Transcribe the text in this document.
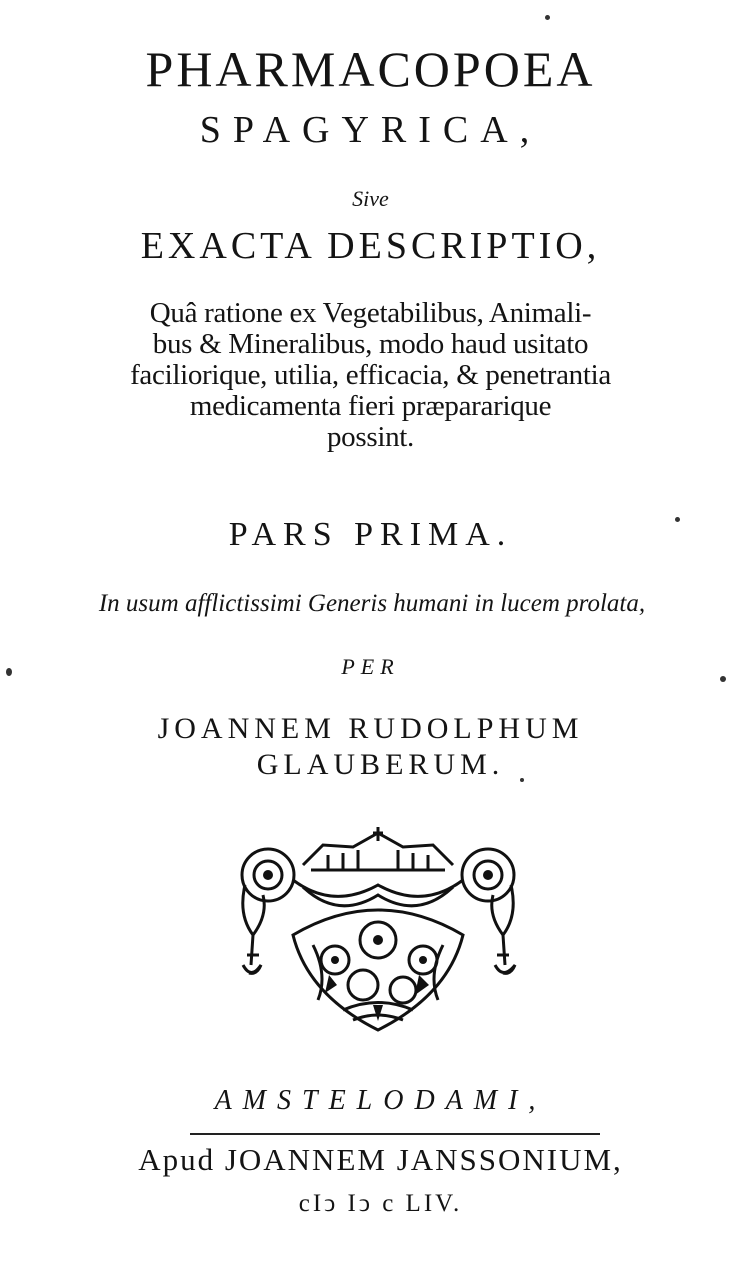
PHARMACOPOEA
SPAGYRICA,
Sive
EXACTA DESCRIPTIO,
Quâ ratione ex Vegetabilibus, Animali-
bus & Mineralibus, modo haud usitato
faciliorique, utilia, efficacia, & penetrantia
medicamenta fieri præpararique
possint.
PARS PRIMA.
In usum afflictissimi Generis humani in lucem prolata,
PER
JOANNEM RUDOLPHUM
GLAUBERUM.
AMSTELODAMI,
Apud JOANNEM JANSSONIUM,
cIↄ Iↄ c LIV.
